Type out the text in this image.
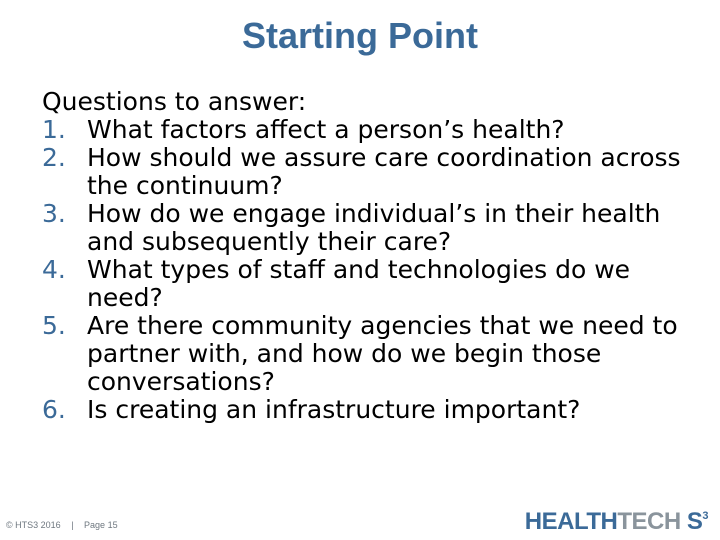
Starting Point

Questions to answer:

1. What factors affect a person’s health?
2. How should we assure care coordination across the continuum?
3. How do we engage individual’s in their health and subsequently their care?
4. What types of staff and technologies do we need?
5. Are there community agencies that we need to partner with, and how do we begin those conversations?
6. Is creating an infrastructure important?
© HTS3 2016 | Page 15	HEALTHTECH $S^3$
